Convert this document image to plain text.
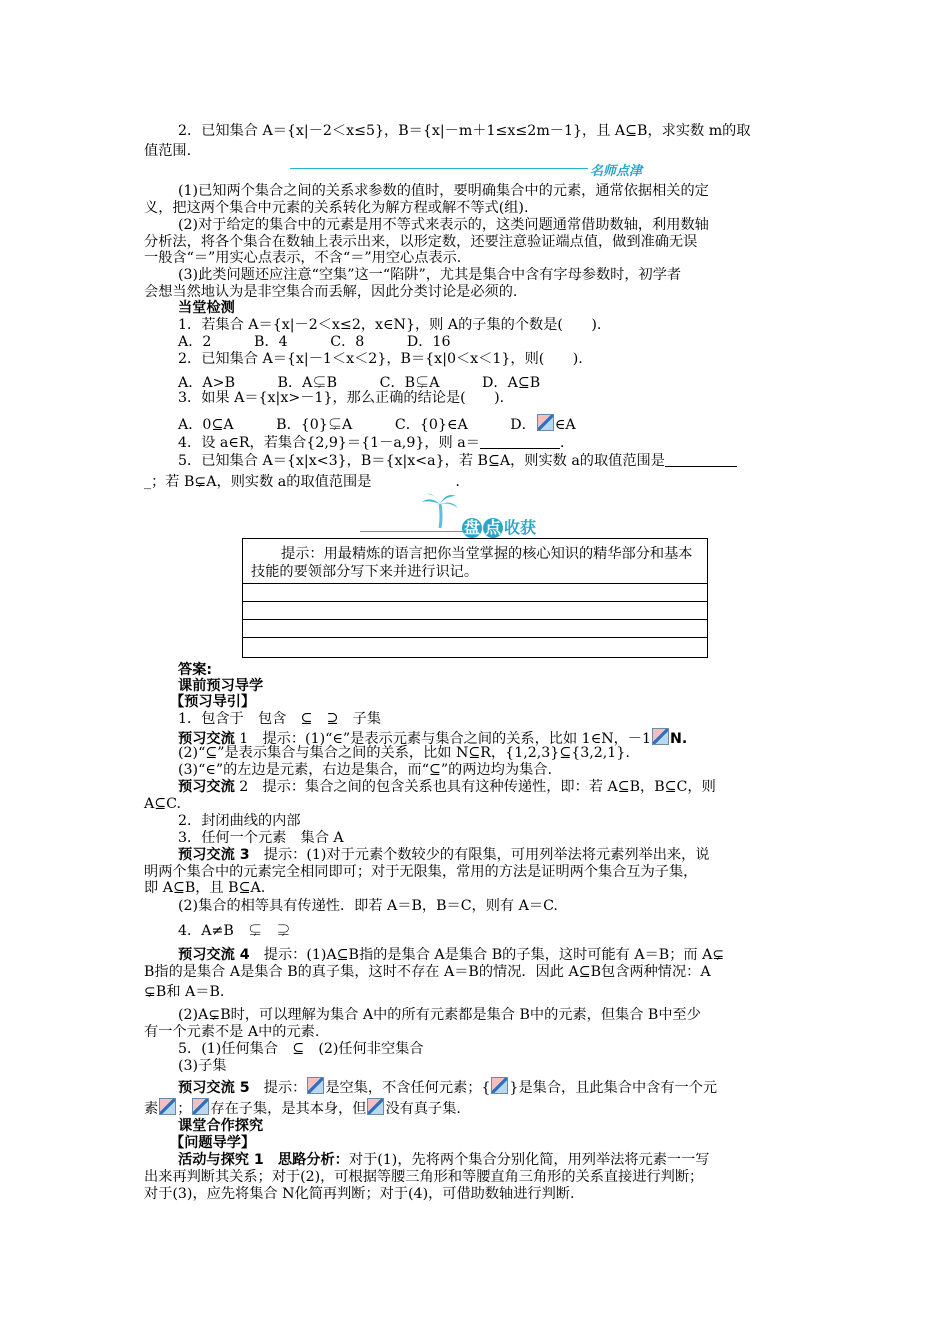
2．已知集合 A＝{x|－2＜x≤5}，B＝{x|－m＋1≤x≤2m－1}，且 A⊆B，求实数 m的取
值范围.
名师点津
(1)已知两个集合之间的关系求参数的值时，要明确集合中的元素，通常依据相关的定
义，把这两个集合中元素的关系转化为解方程或解不等式(组).
(2)对于给定的集合中的元素是用不等式来表示的，这类问题通常借助数轴，利用数轴
分析法，将各个集合在数轴上表示出来，以形定数，还要注意验证端点值，做到准确无误
一般含“＝”用实心点表示，不含“＝”用空心点表示.
(3)此类问题还应注意“空集”这一“陷阱”，尤其是集合中含有字母参数时，初学者
会想当然地认为是非空集合而丢解，因此分类讨论是必须的.
当堂检测
1．若集合 A＝{x|－2＜x≤2，x∈N}，则 A的子集的个数是(　　).
A．2　　　B．4　　　C．8　　　D．16
2．已知集合 A＝{x|－1＜x＜2}，B＝{x|0＜x＜1}，则(　　).
A．A>B　　　B．A⊊B　　　C．B⊊A　　　D．A⊆B
3．如果 A＝{x|x>－1}，那么正确的结论是(　　).
A．0⊆A　　　B．{0}⊊A　　　C．{0}∈A　　　D． ∈A
4．设 a∈R，若集合{2,9}＝{1－a,9}，则 a＝	.
5．已知集合 A＝{x|x<3}，B＝{x|x<a}，若 B⊆A，则实数 a的取值范围是
_；若 B⊊A，则实数 a的取值范围是	.
盘 点 收获
提示：用最精炼的语言把你当堂掌握的核心知识的精华部分和基本技能的要领部分写下来并进行识记。
答案:
课前预习导学
【预习导引】
1．包含于　包含　⊆　⊇　子集
预习交流 1　提示：(1)“∈”是表示元素与集合之间的关系，比如 1∈N，－1 N.
(2)“⊆”是表示集合与集合之间的关系，比如 N⊆R，{1,2,3}⊆{3,2,1}.
(3)“∈”的左边是元素，右边是集合，而“⊆”的两边均为集合.
预习交流 2　提示：集合之间的包含关系也具有这种传递性，即：若 A⊆B，B⊆C，则
A⊆C.
2．封闭曲线的内部
3．任何一个元素　集合 A
预习交流 3　提示：(1)对于元素个数较少的有限集，可用列举法将元素列举出来，说
明两个集合中的元素完全相同即可；对于无限集，常用的方法是证明两个集合互为子集，
即 A⊆B，且 B⊆A.
(2)集合的相等具有传递性．即若 A＝B，B＝C，则有 A＝C.
4．A≠B　⊊　⊋
预习交流 4　提示：(1)A⊆B指的是集合 A是集合 B的子集，这时可能有 A＝B；而 A⊊
B指的是集合 A是集合 B的真子集，这时不存在 A＝B的情况．因此 A⊆B包含两种情况：A
⊊B和 A＝B.
(2)A⊊B时，可以理解为集合 A中的所有元素都是集合 B中的元素，但集合 B中至少
有一个元素不是 A中的元素.
5．(1)任何集合　⊆　(2)任何非空集合
(3)子集
预习交流 5　提示： 是空集，不含任何元素；{ }是集合，且此集合中含有一个元
素 ； 存在子集，是其本身，但 没有真子集.
课堂合作探究
【问题导学】
活动与探究 1　思路分析：对于(1)，先将两个集合分别化简，用列举法将元素一一写
出来再判断其关系；对于(2)，可根据等腰三角形和等腰直角三角形的关系直接进行判断；
对于(3)，应先将集合 N化简再判断；对于(4)，可借助数轴进行判断.
